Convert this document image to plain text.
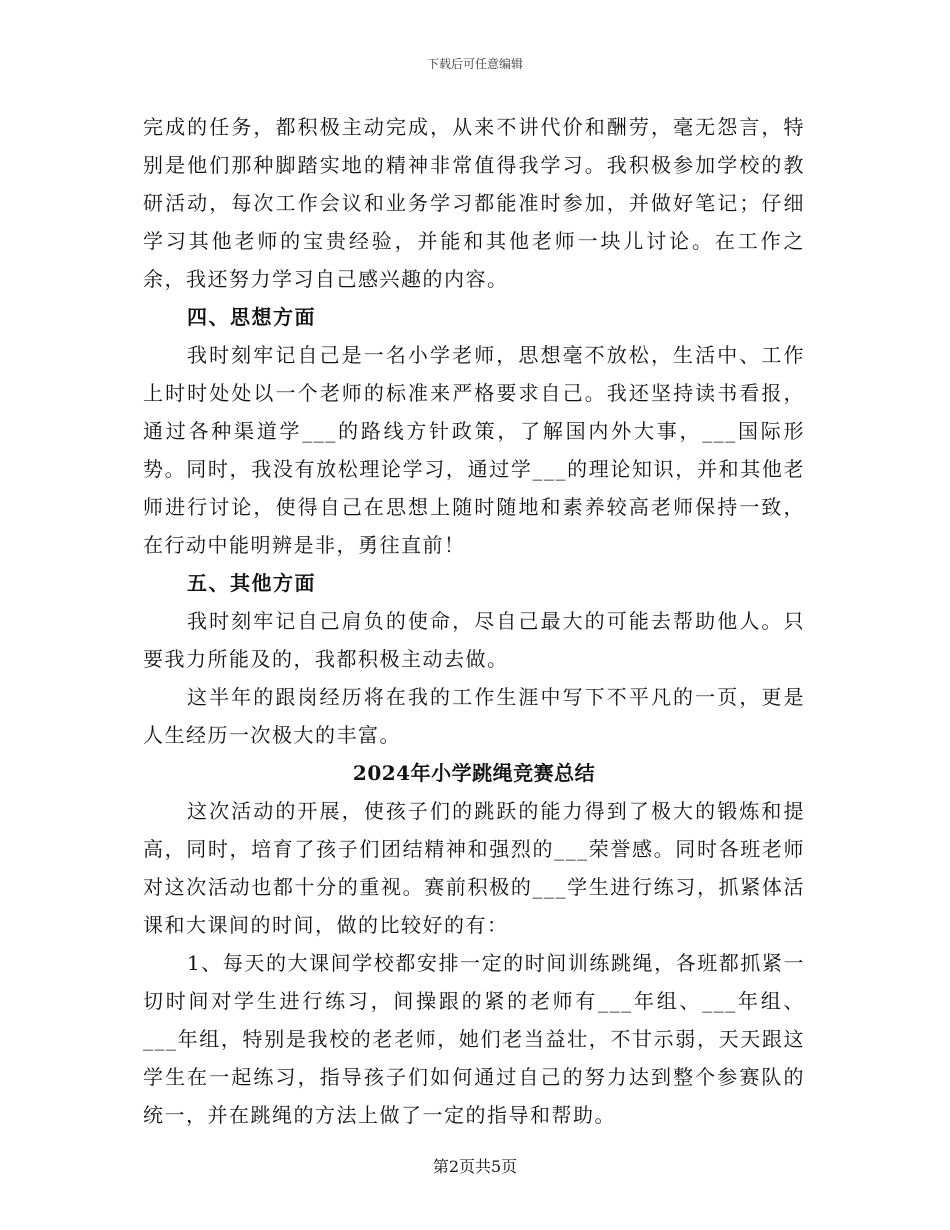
下载后可任意编辑

完成的任务，都积极主动完成，从来不讲代价和酬劳，毫无怨言，特别是他们那种脚踏实地的精神非常值得我学习。我积极参加学校的教研活动，每次工作会议和业务学习都能准时参加，并做好笔记；仔细学习其他老师的宝贵经验，并能和其他老师一块儿讨论。在工作之余，我还努力学习自己感兴趣的内容。

四、思想方面

我时刻牢记自己是一名小学老师，思想毫不放松，生活中、工作上时时处处以一个老师的标准来严格要求自己。我还坚持读书看报，通过各种渠道学___的路线方针政策，了解国内外大事，___国际形势。同时，我没有放松理论学习，通过学___的理论知识，并和其他老师进行讨论，使得自己在思想上随时随地和素养较高老师保持一致，在行动中能明辨是非，勇往直前！

五、其他方面

我时刻牢记自己肩负的使命，尽自己最大的可能去帮助他人。只要我力所能及的，我都积极主动去做。

这半年的跟岗经历将在我的工作生涯中写下不平凡的一页，更是人生经历一次极大的丰富。

2024年小学跳绳竞赛总结

这次活动的开展，使孩子们的跳跃的能力得到了极大的锻炼和提高，同时，培育了孩子们团结精神和强烈的___荣誉感。同时各班老师对这次活动也都十分的重视。赛前积极的___学生进行练习，抓紧体活课和大课间的时间，做的比较好的有：

1、每天的大课间学校都安排一定的时间训练跳绳，各班都抓紧一切时间对学生进行练习，间操跟的紧的老师有___年组、___年组、___年组，特别是我校的老老师，她们老当益壮，不甘示弱，天天跟这学生在一起练习，指导孩子们如何通过自己的努力达到整个参赛队的统一，并在跳绳的方法上做了一定的指导和帮助。

第2页共5页
